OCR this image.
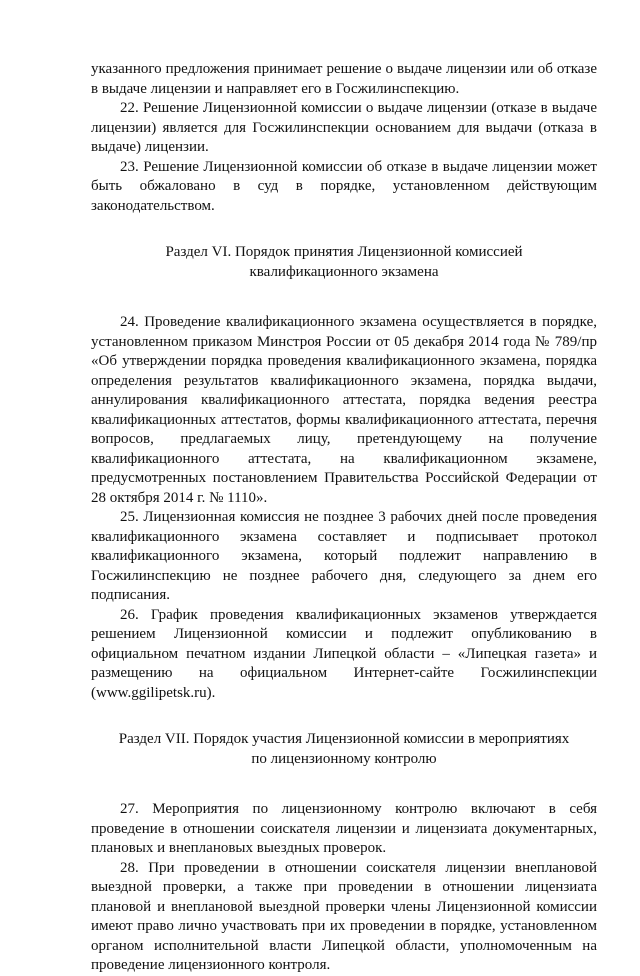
указанного предложения принимает решение о выдаче лицензии или об отказе в выдаче лицензии и направляет его в Госжилинспекцию.

22. Решение Лицензионной комиссии о выдаче лицензии (отказе в выдаче лицензии) является для Госжилинспекции основанием для выдачи (отказа в выдаче) лицензии.

23. Решение Лицензионной комиссии об отказе в выдаче лицензии может быть обжаловано в суд в порядке, установленном действующим законодательством.

Раздел VI. Порядок принятия Лицензионной комиссией
квалификационного экзамена

24. Проведение квалификационного экзамена осуществляется в порядке, установленном приказом Минстроя России от 05 декабря 2014 года № 789/пр «Об утверждении порядка проведения квалификационного экзамена, порядка определения результатов квалификационного экзамена, порядка выдачи, аннулирования квалификационного аттестата, порядка ведения реестра квалификационных аттестатов, формы квалификационного аттестата, перечня вопросов, предлагаемых лицу, претендующему на получение квалификационного аттестата, на квалификационном экзамене, предусмотренных постановлением Правительства Российской Федерации от 28 октября 2014 г. № 1110».

25. Лицензионная комиссия не позднее 3 рабочих дней после проведения квалификационного экзамена составляет и подписывает протокол квалификационного экзамена, который подлежит направлению в Госжилинспекцию не позднее рабочего дня, следующего за днем его подписания.

26. График проведения квалификационных экзаменов утверждается решением Лицензионной комиссии и подлежит опубликованию в официальном печатном издании Липецкой области – «Липецкая газета» и размещению на официальном Интернет-сайте Госжилинспекции (www.ggilipetsk.ru).

Раздел VII. Порядок участия Лицензионной комиссии в мероприятиях
по лицензионному контролю

27. Мероприятия по лицензионному контролю включают в себя проведение в отношении соискателя лицензии и лицензиата документарных, плановых и внеплановых выездных проверок.

28. При проведении в отношении соискателя лицензии внеплановой выездной проверки, а также при проведении в отношении лицензиата плановой и внеплановой выездной проверки члены Лицензионной комиссии имеют право лично участвовать при их проведении в порядке, установленном органом исполнительной власти Липецкой области, уполномоченным на проведение лицензионного контроля.
